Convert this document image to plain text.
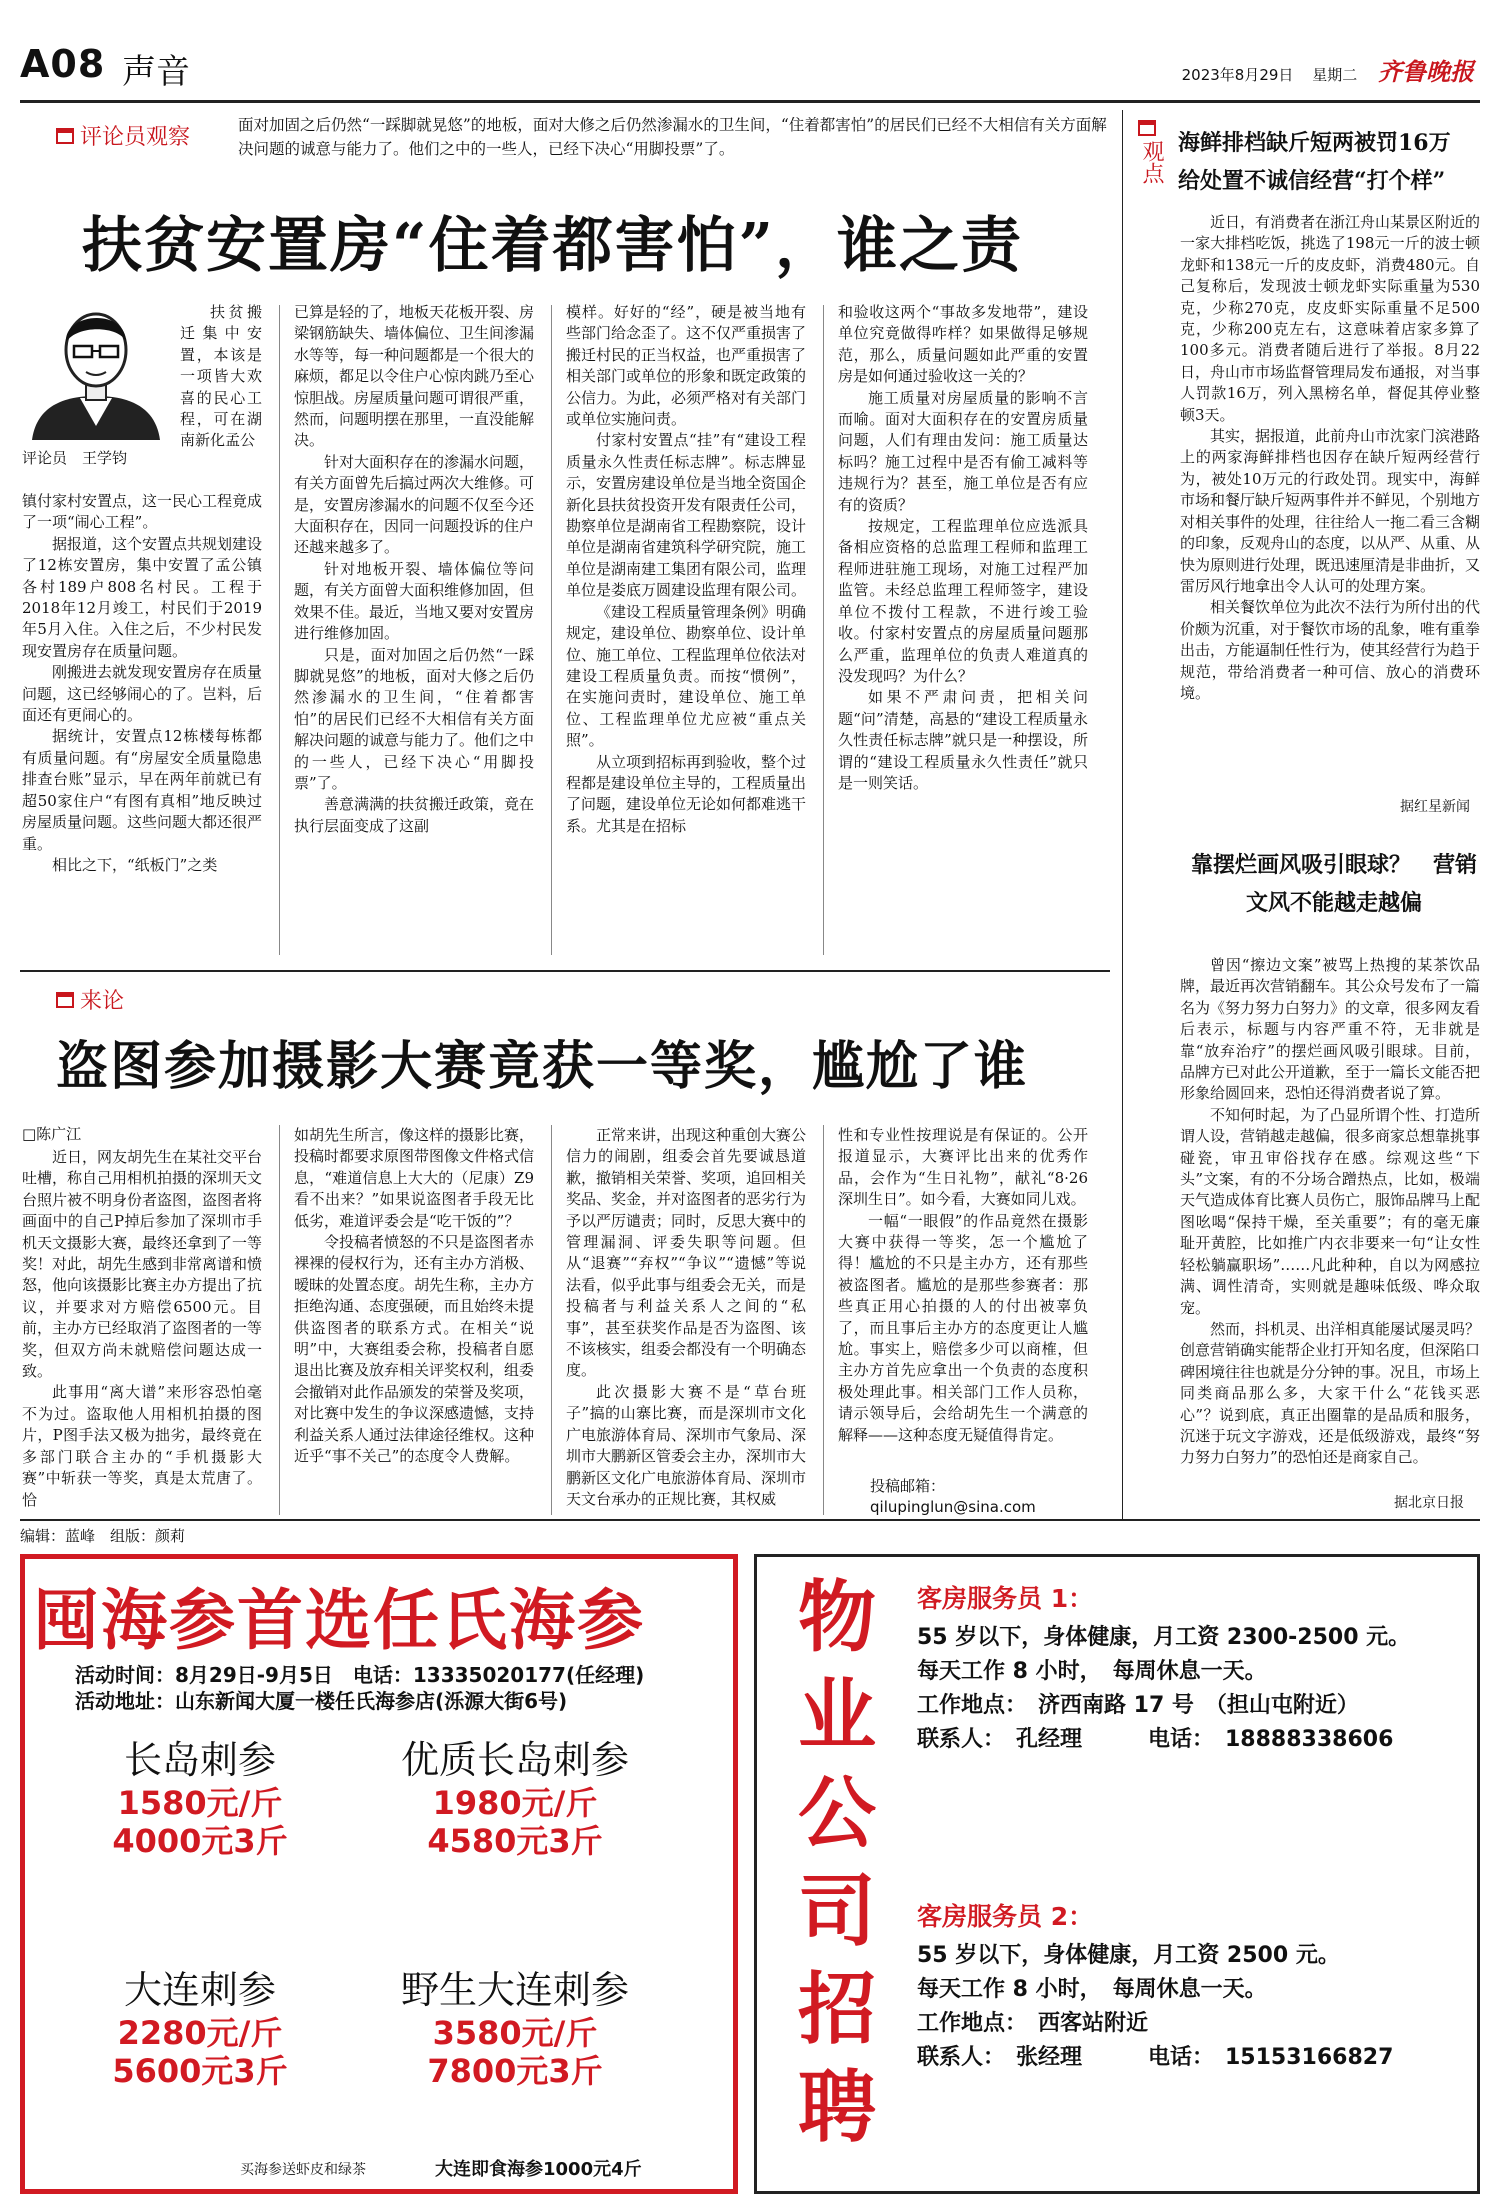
A08 声音	2023年8月29日 星期二 齐鲁晚报
评论员观察	面对加固之后仍然“一踩脚就晃悠”的地板，面对大修之后仍然渗漏水的卫生间，“住着都害怕”的居民们已经不大相信有关方面解决问题的诚意与能力了。他们之中的一些人，已经下决心“用脚投票”了。
扶贫安置房“住着都害怕”，谁之责
评论员　王学钧

扶贫搬迁集中安置，本该是一项皆大欢喜的民心工程，可在湖南新化孟公

镇付家村安置点，这一民心工程竟成了一项“闹心工程”。

据报道，这个安置点共规划建设了12栋安置房，集中安置了孟公镇各村189户808名村民。工程于2018年12月竣工，村民们于2019年5月入住。入住之后，不少村民发现安置房存在质量问题。

刚搬进去就发现安置房存在质量问题，这已经够闹心的了。岂料，后面还有更闹心的。

据统计，安置点12栋楼每栋都有质量问题。有“房屋安全质量隐患排查台账”显示，早在两年前就已有超50家住户“有图有真相”地反映过房屋质量问题。这些问题大都还很严重。

相比之下，“纸板门”之类

已算是轻的了，地板天花板开裂、房梁钢筋缺失、墙体偏位、卫生间渗漏水等等，每一种问题都是一个很大的麻烦，都足以令住户心惊肉跳乃至心惊胆战。房屋质量问题可谓很严重，然而，问题明摆在那里，一直没能解决。

针对大面积存在的渗漏水问题，有关方面曾先后搞过两次大维修。可是，安置房渗漏水的问题不仅至今还大面积存在，因同一问题投诉的住户还越来越多了。

针对地板开裂、墙体偏位等问题，有关方面曾大面积维修加固，但效果不佳。最近，当地又要对安置房进行维修加固。

只是，面对加固之后仍然“一踩脚就晃悠”的地板，面对大修之后仍然渗漏水的卫生间，“住着都害怕”的居民们已经不大相信有关方面解决问题的诚意与能力了。他们之中的一些人，已经下决心“用脚投票”了。

善意满满的扶贫搬迁政策，竟在执行层面变成了这副

模样。好好的“经”，硬是被当地有些部门给念歪了。这不仅严重损害了搬迁村民的正当权益，也严重损害了相关部门或单位的形象和既定政策的公信力。为此，必须严格对有关部门或单位实施问责。

付家村安置点“挂”有“建设工程质量永久性责任标志牌”。标志牌显示，安置房建设单位是当地全资国企新化县扶贫投资开发有限责任公司，勘察单位是湖南省工程勘察院，设计单位是湖南省建筑科学研究院，施工单位是湖南建工集团有限公司，监理单位是娄底万圆建设监理有限公司。

《建设工程质量管理条例》明确规定，建设单位、勘察单位、设计单位、施工单位、工程监理单位依法对建设工程质量负责。而按“惯例”，在实施问责时，建设单位、施工单位、工程监理单位尤应被“重点关照”。

从立项到招标再到验收，整个过程都是建设单位主导的，工程质量出了问题，建设单位无论如何都难逃干系。尤其是在招标

和验收这两个“事故多发地带”，建设单位究竟做得咋样？如果做得足够规范，那么，质量问题如此严重的安置房是如何通过验收这一关的？

施工质量对房屋质量的影响不言而喻。面对大面积存在的安置房质量问题，人们有理由发问：施工质量达标吗？施工过程中是否有偷工减料等违规行为？甚至，施工单位是否有应有的资质？

按规定，工程监理单位应选派具备相应资格的总监理工程师和监理工程师进驻施工现场，对施工过程严加监管。未经总监理工程师签字，建设单位不拨付工程款，不进行竣工验收。付家村安置点的房屋质量问题那么严重，监理单位的负责人难道真的没发现吗？为什么？

如果不严肃问责，把相关问题“问”清楚，高悬的“建设工程质量永久性责任标志牌”就只是一种摆设，所谓的“建设工程质量永久性责任”就只是一则笑话。

来论
盗图参加摄影大赛竟获一等奖，尴尬了谁
□陈广江

近日，网友胡先生在某社交平台吐槽，称自己用相机拍摄的深圳天文台照片被不明身份者盗图，盗图者将画面中的自己P掉后参加了深圳市手机天文摄影大赛，最终还拿到了一等奖！对此，胡先生感到非常离谱和愤怒，他向该摄影比赛主办方提出了抗议，并要求对方赔偿6500元。目前，主办方已经取消了盗图者的一等奖，但双方尚未就赔偿问题达成一致。

此事用“离大谱”来形容恐怕毫不为过。盗取他人用相机拍摄的图片，P图手法又极为拙劣，最终竟在多部门联合主办的“手机摄影大赛”中斩获一等奖，真是太荒唐了。恰

如胡先生所言，像这样的摄影比赛，投稿时都要求原图带图像文件格式信息，“难道信息上大大的（尼康）Z9看不出来？”如果说盗图者手段无比低劣，难道评委会是“吃干饭的”？

令投稿者愤怒的不只是盗图者赤裸裸的侵权行为，还有主办方消极、暧昧的处置态度。胡先生称，主办方拒绝沟通、态度强硬，而且始终未提供盗图者的联系方式。在相关“说明”中，大赛组委会称，投稿者自愿退出比赛及放弃相关评奖权利，组委会撤销对此作品颁发的荣誉及奖项，对比赛中发生的争议深感遗憾，支持利益关系人通过法律途径维权。这种近乎“事不关己”的态度令人费解。

正常来讲，出现这种重创大赛公信力的闹剧，组委会首先要诚恳道歉，撤销相关荣誉、奖项，追回相关奖品、奖金，并对盗图者的恶劣行为予以严厉谴责；同时，反思大赛中的管理漏洞、评委失职等问题。但从“退赛”“弃权”“争议”“遗憾”等说法看，似乎此事与组委会无关，而是投稿者与利益关系人之间的“私事”，甚至获奖作品是否为盗图、该不该核实，组委会都没有一个明确态度。

此次摄影大赛不是“草台班子”搞的山寨比赛，而是深圳市文化广电旅游体育局、深圳市气象局、深圳市大鹏新区管委会主办，深圳市大鹏新区文化广电旅游体育局、深圳市天文台承办的正规比赛，其权威

性和专业性按理说是有保证的。公开报道显示，大赛评比出来的优秀作品，会作为“生日礼物”，献礼“8·26深圳生日”。如今看，大赛如同儿戏。

一幅“一眼假”的作品竟然在摄影大赛中获得一等奖，怎一个尴尬了得！尴尬的不只是主办方，还有那些被盗图者。尴尬的是那些参赛者：那些真正用心拍摄的人的付出被辜负了，而且事后主办方的态度更让人尴尬。事实上，赔偿多少可以商榷，但主办方首先应拿出一个负责的态度积极处理此事。相关部门工作人员称，请示领导后，会给胡先生一个满意的解释——这种态度无疑值得肯定。

投稿邮箱：qilupinglun@sina.com
观点 海鲜排档缺斤短两被罚16万　给处置不诚信经营“打个样”

近日，有消费者在浙江舟山某景区附近的一家大排档吃饭，挑选了198元一斤的波士顿龙虾和138元一斤的皮皮虾，消费480元。自己复称后，发现波士顿龙虾实际重量为530克，少称270克，皮皮虾实际重量不足500克，少称200克左右，这意味着店家多算了100多元。消费者随后进行了举报。8月22日，舟山市市场监督管理局发布通报，对当事人罚款16万，列入黑榜名单，督促其停业整顿3天。

其实，据报道，此前舟山市沈家门滨港路上的两家海鲜排档也因存在缺斤短两经营行为，被处10万元的行政处罚。现实中，海鲜市场和餐厅缺斤短两事件并不鲜见，个别地方对相关事件的处理，往往给人一拖二看三含糊的印象，反观舟山的态度，以从严、从重、从快为原则进行处理，既迅速厘清是非曲折，又雷厉风行地拿出令人认可的处理方案。

相关餐饮单位为此次不法行为所付出的代价颇为沉重，对于餐饮市场的乱象，唯有重拳出击，方能逼制任性行为，使其经营行为趋于规范，带给消费者一种可信、放心的消费环境。

据红星新闻
靠摆烂画风吸引眼球？　营销文风不能越走越偏

曾因“擦边文案”被骂上热搜的某茶饮品牌，最近再次营销翻车。其公众号发布了一篇名为《努力努力白努力》的文章，很多网友看后表示，标题与内容严重不符，无非就是靠“放弃治疗”的摆烂画风吸引眼球。目前，品牌方已对此公开道歉，至于一篇长文能否把形象给圆回来，恐怕还得消费者说了算。

不知何时起，为了凸显所谓个性、打造所谓人设，营销越走越偏，很多商家总想靠挑事碰瓷，审丑审俗找存在感。综观这些“下头”文案，有的不分场合蹭热点，比如，极端天气造成体育比赛人员伤亡，服饰品牌马上配图吆喝“保持干燥，至关重要”；有的毫无廉耻开黄腔，比如推广内衣非要来一句“让女性轻松躺赢职场”……凡此种种，自以为网感拉满、调性清奇，实则就是趣味低级、哗众取宠。

然而，抖机灵、出洋相真能屡试屡灵吗？创意营销确实能帮企业打开知名度，但深陷口碑困境往往也就是分分钟的事。况且，市场上同类商品那么多，大家干什么“花钱买恶心”？说到底，真正出圈靠的是品质和服务，沉迷于玩文字游戏，还是低级游戏，最终“努力努力白努力”的恐怕还是商家自己。

据北京日报
编辑：蓝峰　组版：颜莉
囤海参首选任氏海参
活动时间：8月29日-9月5日　电话：13335020177(任经理)
活动地址：山东新闻大厦一楼任氏海参店(泺源大街6号)
长岛刺参
1580元/斤
4000元3斤
优质长岛刺参
1980元/斤
4580元3斤
大连刺参
2280元/斤
5600元3斤
野生大连刺参
3580元/斤
7800元3斤
买海参送虾皮和绿茶	大连即食海参1000元4斤
物
业
公
司
招
聘
客房服务员 1：
55 岁以下，身体健康，月工资 2300-2500 元。
每天工作 8 小时，　每周休息一天。
工作地点：　济西南路 17 号　（担山屯附近）
联系人：　孔经理　　　电话：　18888338606
客房服务员 2：
55 岁以下，身体健康，月工资 2500 元。
每天工作 8 小时，　每周休息一天。
工作地点：　西客站附近
联系人：　张经理　　　电话：　15153166827
